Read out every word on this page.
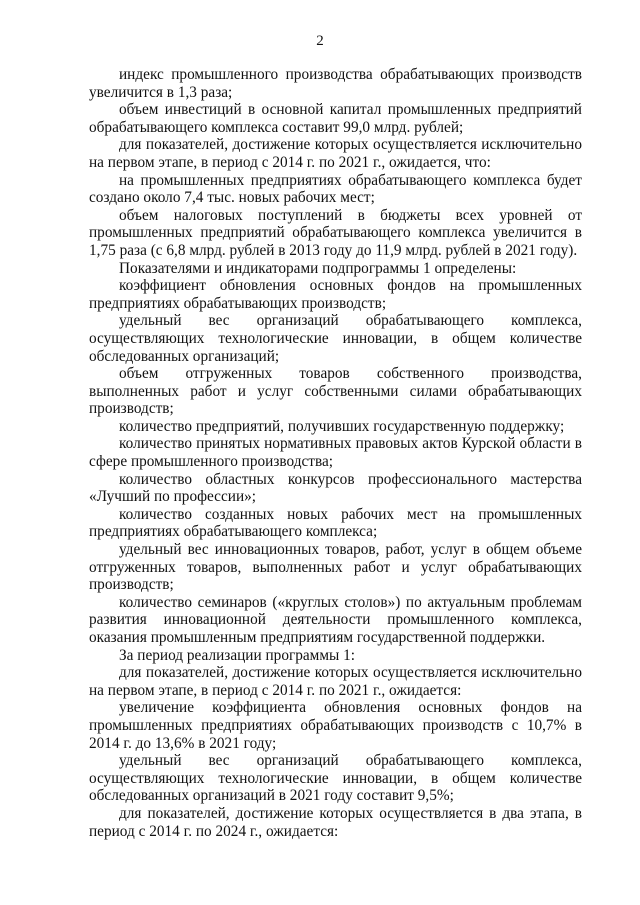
2

индекс промышленного производства обрабатывающих производств увеличится в 1,3 раза;

объем инвестиций в основной капитал промышленных предприятий обрабатывающего комплекса составит 99,0 млрд. рублей;

для показателей, достижение которых осуществляется исключительно на первом этапе, в период с 2014 г. по 2021 г., ожидается, что:

на промышленных предприятиях обрабатывающего комплекса будет создано около 7,4 тыс. новых рабочих мест;

объем налоговых поступлений в бюджеты всех уровней от промышленных предприятий обрабатывающего комплекса увеличится в 1,75 раза (с 6,8 млрд. рублей в 2013 году до 11,9 млрд. рублей в 2021 году).

Показателями и индикаторами подпрограммы 1 определены:

коэффициент обновления основных фондов на промышленных предприятиях обрабатывающих производств;

удельный вес организаций обрабатывающего комплекса, осуществляющих технологические инновации, в общем количестве обследованных организаций;

объем отгруженных товаров собственного производства, выполненных работ и услуг собственными силами обрабатывающих производств;

количество предприятий, получивших государственную поддержку;

количество принятых нормативных правовых актов Курской области в сфере промышленного производства;

количество областных конкурсов профессионального мастерства «Лучший по профессии»;

количество созданных новых рабочих мест на промышленных предприятиях обрабатывающего комплекса;

удельный вес инновационных товаров, работ, услуг в общем объеме отгруженных товаров, выполненных работ и услуг обрабатывающих производств;

количество семинаров («круглых столов») по актуальным проблемам развития инновационной деятельности промышленного комплекса, оказания промышленным предприятиям государственной поддержки.

За период реализации программы 1:

для показателей, достижение которых осуществляется исключительно на первом этапе, в период с 2014 г. по 2021 г., ожидается:

увеличение коэффициента обновления основных фондов на промышленных предприятиях обрабатывающих производств с 10,7% в 2014 г. до 13,6% в 2021 году;

удельный вес организаций обрабатывающего комплекса, осуществляющих технологические инновации, в общем количестве обследованных организаций в 2021 году составит 9,5%;

для показателей, достижение которых осуществляется в два этапа, в период с 2014 г. по 2024 г., ожидается:
